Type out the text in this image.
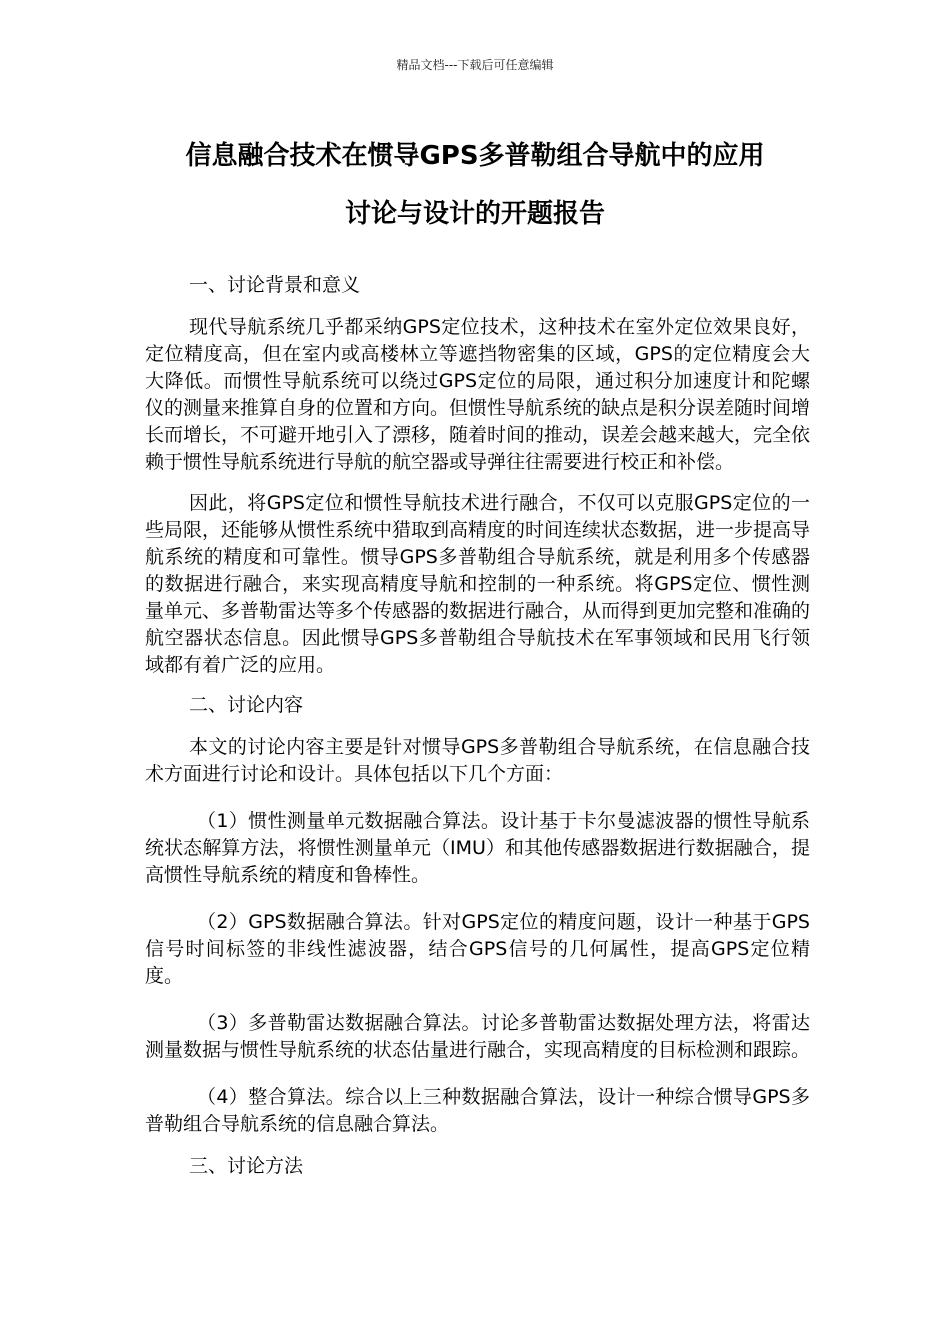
精品文档---下载后可任意编辑
信息融合技术在惯导GPS多普勒组合导航中的应用
讨论与设计的开题报告
一、讨论背景和意义
现代导航系统几乎都采纳GPS定位技术，这种技术在室外定位效果良好，定位精度高，但在室内或高楼林立等遮挡物密集的区域，GPS的定位精度会大大降低。而惯性导航系统可以绕过GPS定位的局限，通过积分加速度计和陀螺仪的测量来推算自身的位置和方向。但惯性导航系统的缺点是积分误差随时间增长而增长，不可避开地引入了漂移，随着时间的推动，误差会越来越大，完全依赖于惯性导航系统进行导航的航空器或导弹往往需要进行校正和补偿。
因此，将GPS定位和惯性导航技术进行融合，不仅可以克服GPS定位的一些局限，还能够从惯性系统中猎取到高精度的时间连续状态数据，进一步提高导航系统的精度和可靠性。惯导GPS多普勒组合导航系统，就是利用多个传感器的数据进行融合，来实现高精度导航和控制的一种系统。将GPS定位、惯性测量单元、多普勒雷达等多个传感器的数据进行融合，从而得到更加完整和准确的航空器状态信息。因此惯导GPS多普勒组合导航技术在军事领域和民用飞行领域都有着广泛的应用。
二、讨论内容
本文的讨论内容主要是针对惯导GPS多普勒组合导航系统，在信息融合技术方面进行讨论和设计。具体包括以下几个方面：
（1）惯性测量单元数据融合算法。设计基于卡尔曼滤波器的惯性导航系统状态解算方法，将惯性测量单元（IMU）和其他传感器数据进行数据融合，提高惯性导航系统的精度和鲁棒性。
（2）GPS数据融合算法。针对GPS定位的精度问题，设计一种基于GPS信号时间标签的非线性滤波器，结合GPS信号的几何属性，提高GPS定位精度。
（3）多普勒雷达数据融合算法。讨论多普勒雷达数据处理方法，将雷达测量数据与惯性导航系统的状态估量进行融合，实现高精度的目标检测和跟踪。
（4）整合算法。综合以上三种数据融合算法，设计一种综合惯导GPS多普勒组合导航系统的信息融合算法。
三、讨论方法
